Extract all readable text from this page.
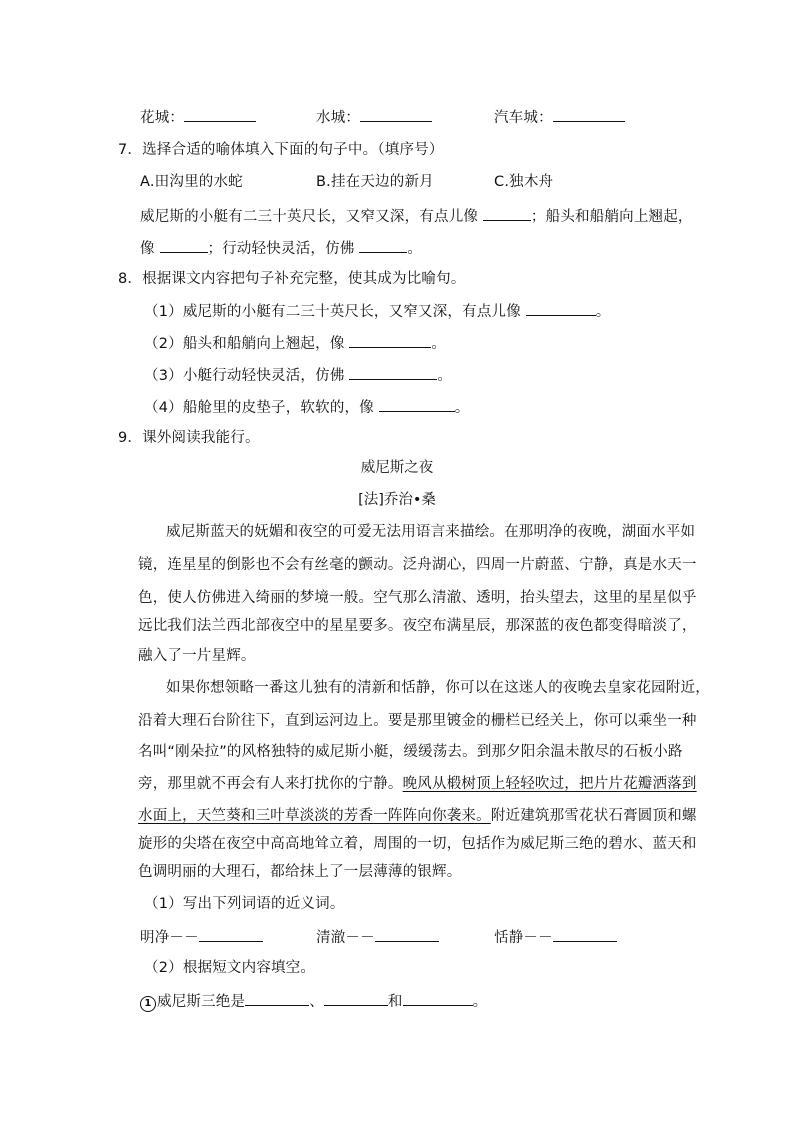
花城：	水城：	汽车城：
7．选择合适的喻体填入下面的句子中。（填序号）
A.田沟里的水蛇	B.挂在天边的新月	C.独木舟
威尼斯的小艇有二三十英尺长，又窄又深，有点儿像	；船头和船艄向上翘起，
像	；行动轻快灵活，仿佛	。
8．根据课文内容把句子补充完整，使其成为比喻句。
（1）威尼斯的小艇有二三十英尺长，又窄又深，有点儿像	。
（2）船头和船艄向上翘起，像	。
（3）小艇行动轻快灵活，仿佛	。
（4）船舱里的皮垫子，软软的，像	。
9．课外阅读我能行。
威尼斯之夜
[法]乔治•桑
威尼斯蓝天的妩媚和夜空的可爱无法用语言来描绘。在那明净的夜晚，湖面水平如
镜，连星星的倒影也不会有丝毫的颤动。泛舟湖心，四周一片蔚蓝、宁静，真是水天一
色，使人仿佛进入绮丽的梦境一般。空气那么清澈、透明，抬头望去，这里的星星似乎
远比我们法兰西北部夜空中的星星要多。夜空布满星辰，那深蓝的夜色都变得暗淡了，
融入了一片星辉。
如果你想领略一番这儿独有的清新和恬静，你可以在这迷人的夜晚去皇家花园附近，
沿着大理石台阶往下，直到运河边上。要是那里镀金的栅栏已经关上，你可以乘坐一种
名叫“刚朵拉”的风格独特的威尼斯小艇，缓缓荡去。到那夕阳余温未散尽的石板小路
旁，那里就不再会有人来打扰你的宁静。晚风从椴树顶上轻轻吹过，把片片花瓣洒落到
水面上，天竺葵和三叶草淡淡的芳香一阵阵向你袭来。附近建筑那雪花状石膏圆顶和螺
旋形的尖塔在夜空中高高地耸立着，周围的一切，包括作为威尼斯三绝的碧水、蓝天和
色调明丽的大理石，都给抹上了一层薄薄的银辉。
（1）写出下列词语的近义词。
明净－－	清澈－－	恬静－－
（2）根据短文内容填空。
1 威尼斯三绝是	、	和	。
